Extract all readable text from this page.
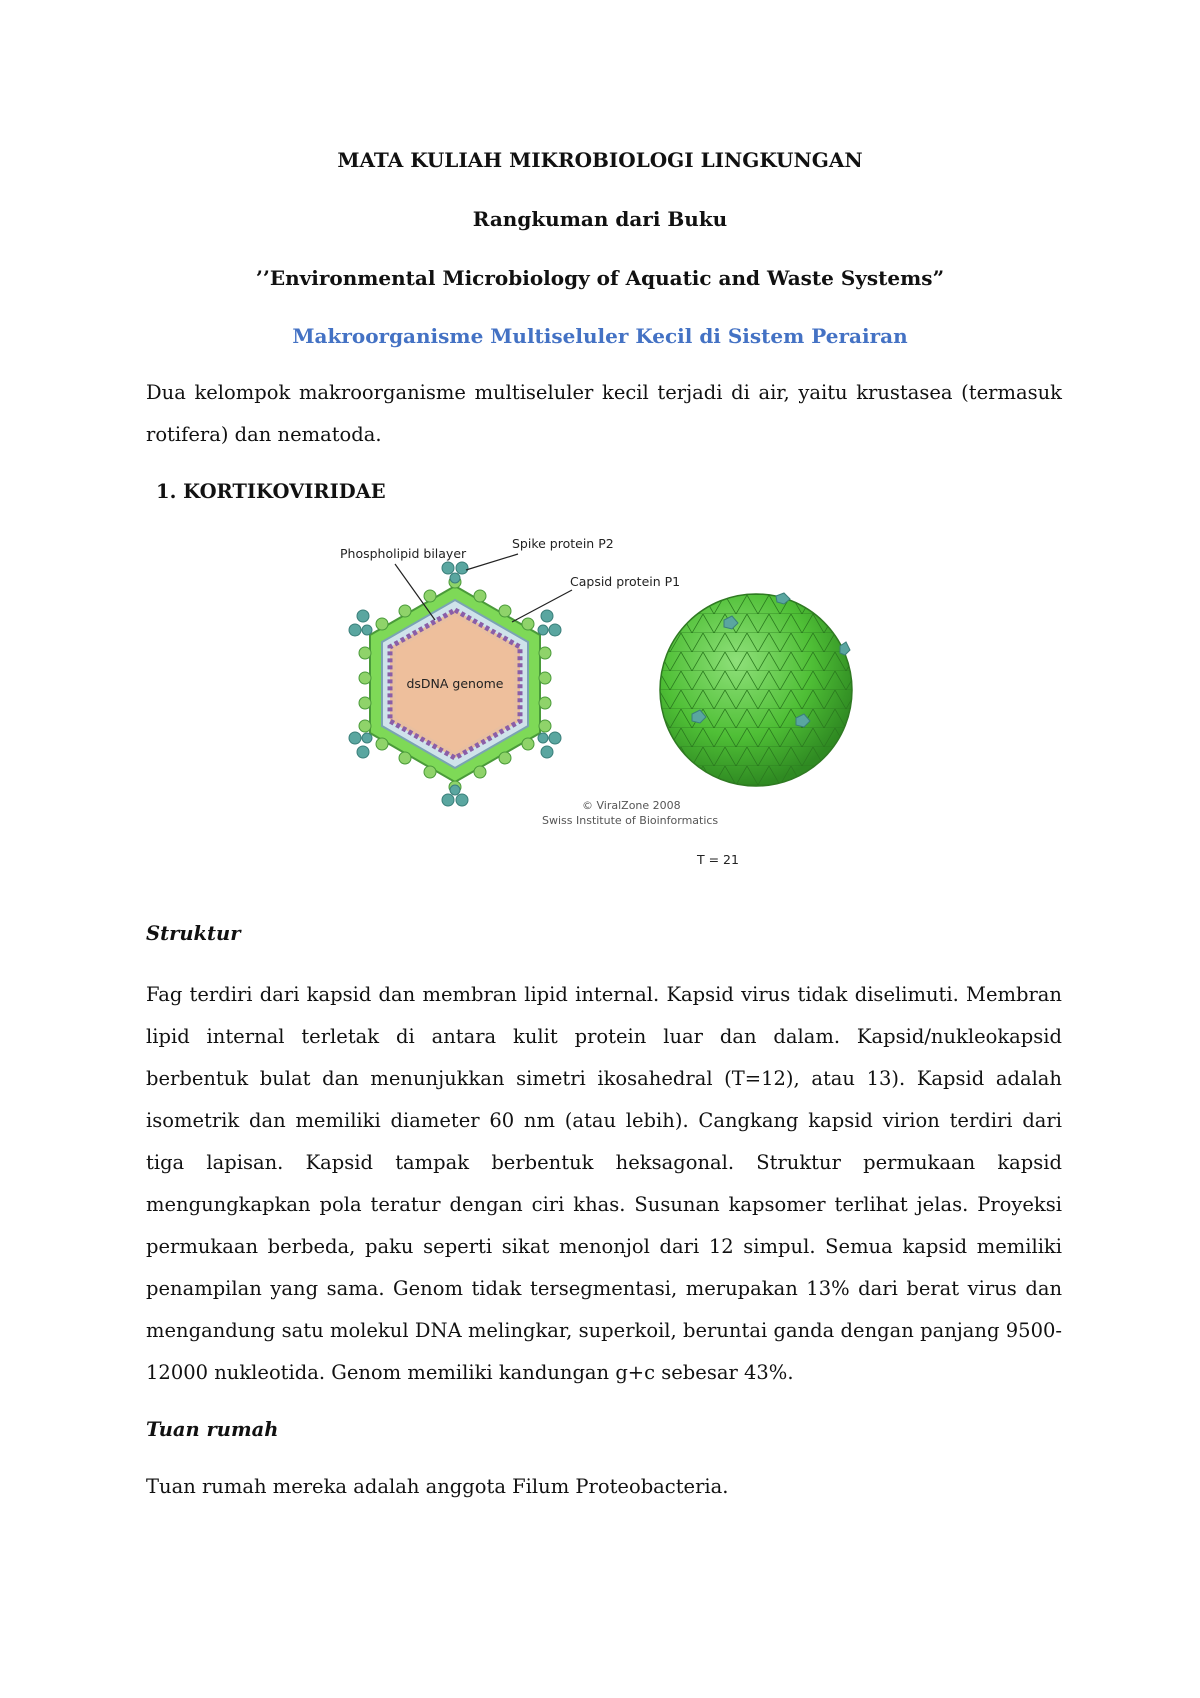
MATA KULIAH MIKROBIOLOGI LINGKUNGAN
Rangkuman dari Buku
’’Environmental Microbiology of Aquatic and Waste Systems”
Makroorganisme Multiseluler Kecil di Sistem Perairan

Dua kelompok makroorganisme multiseluler kecil terjadi di air, yaitu krustasea (termasuk rotifera) dan nematoda.

1. KORTIKOVIRIDAE
dsDNA genome
Phospholipid bilayer
Spike protein P2
Capsid protein P1
© ViralZone 2008
Swiss Institute of Bioinformatics
T = 21
Struktur

Fag terdiri dari kapsid dan membran lipid internal. Kapsid virus tidak diselimuti. Membran lipid internal terletak di antara kulit protein luar dan dalam. Kapsid/nukleokapsid berbentuk bulat dan menunjukkan simetri ikosahedral (T=12), atau 13). Kapsid adalah isometrik dan memiliki diameter 60 nm (atau lebih). Cangkang kapsid virion terdiri dari tiga lapisan. Kapsid tampak berbentuk heksagonal. Struktur permukaan kapsid mengungkapkan pola teratur dengan ciri khas. Susunan kapsomer terlihat jelas. Proyeksi permukaan berbeda, paku seperti sikat menonjol dari 12 simpul. Semua kapsid memiliki penampilan yang sama. Genom tidak tersegmentasi, merupakan 13% dari berat virus dan mengandung satu molekul DNA melingkar, superkoil, beruntai ganda dengan panjang 9500-12000 nukleotida. Genom memiliki kandungan g+c sebesar 43%.

Tuan rumah

Tuan rumah mereka adalah anggota Filum Proteobacteria.
